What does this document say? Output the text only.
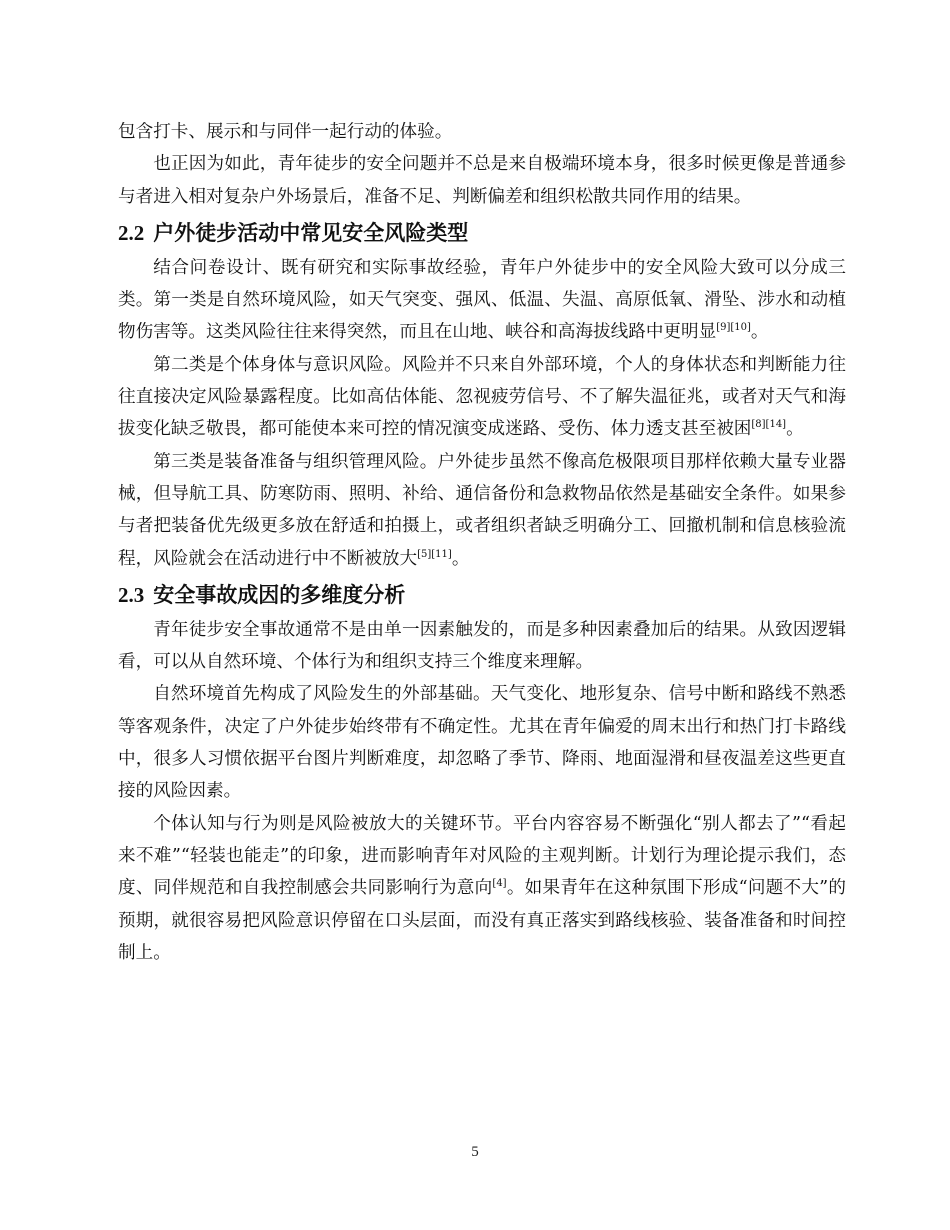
包含打卡、展示和与同伴一起行动的体验。

也正因为如此，青年徒步的安全问题并不总是来自极端环境本身，很多时候更像是普通参与者进入相对复杂户外场景后，准备不足、判断偏差和组织松散共同作用的结果。

2.2 户外徒步活动中常见安全风险类型

结合问卷设计、既有研究和实际事故经验，青年户外徒步中的安全风险大致可以分成三类。第一类是自然环境风险，如天气突变、强风、低温、失温、高原低氧、滑坠、涉水和动植物伤害等。这类风险往往来得突然，而且在山地、峡谷和高海拔线路中更明显[9][10]。

第二类是个体身体与意识风险。风险并不只来自外部环境，个人的身体状态和判断能力往往直接决定风险暴露程度。比如高估体能、忽视疲劳信号、不了解失温征兆，或者对天气和海拔变化缺乏敬畏，都可能使本来可控的情况演变成迷路、受伤、体力透支甚至被困[8][14]。

第三类是装备准备与组织管理风险。户外徒步虽然不像高危极限项目那样依赖大量专业器械，但导航工具、防寒防雨、照明、补给、通信备份和急救物品依然是基础安全条件。如果参与者把装备优先级更多放在舒适和拍摄上，或者组织者缺乏明确分工、回撤机制和信息核验流程，风险就会在活动进行中不断被放大[5][11]。

2.3 安全事故成因的多维度分析

青年徒步安全事故通常不是由单一因素触发的，而是多种因素叠加后的结果。从致因逻辑看，可以从自然环境、个体行为和组织支持三个维度来理解。

自然环境首先构成了风险发生的外部基础。天气变化、地形复杂、信号中断和路线不熟悉等客观条件，决定了户外徒步始终带有不确定性。尤其在青年偏爱的周末出行和热门打卡路线中，很多人习惯依据平台图片判断难度，却忽略了季节、降雨、地面湿滑和昼夜温差这些更直接的风险因素。

个体认知与行为则是风险被放大的关键环节。平台内容容易不断强化“别人都去了”“看起来不难”“轻装也能走”的印象，进而影响青年对风险的主观判断。计划行为理论提示我们，态度、同伴规范和自我控制感会共同影响行为意向[4]。如果青年在这种氛围下形成“问题不大”的预期，就很容易把风险意识停留在口头层面，而没有真正落实到路线核验、装备准备和时间控制上。

5
